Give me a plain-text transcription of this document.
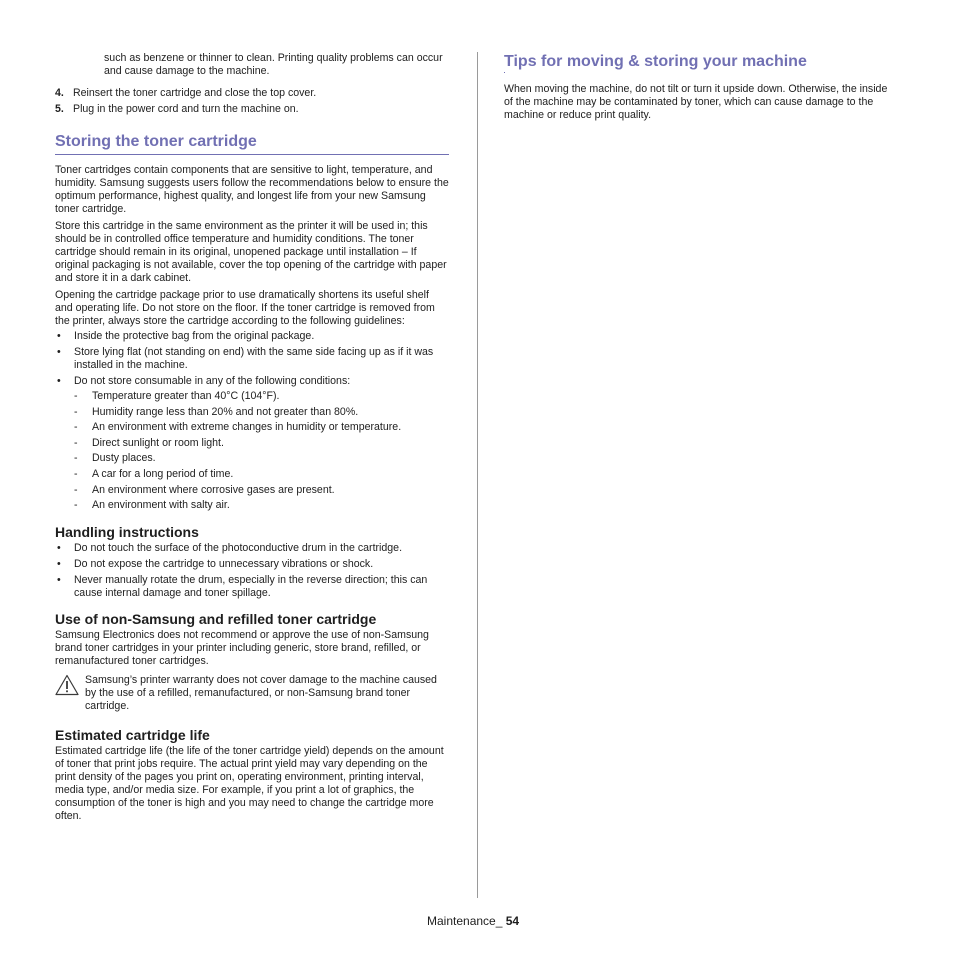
such as benzene or thinner to clean. Printing quality problems can occur and cause damage to the machine.

4. Reinsert the toner cartridge and close the top cover.
5. Plug in the power cord and turn the machine on.
Storing the toner cartridge

Toner cartridges contain components that are sensitive to light, temperature, and humidity. Samsung suggests users follow the recommendations below to ensure the optimum performance, highest quality, and longest life from your new Samsung toner cartridge.

Store this cartridge in the same environment as the printer it will be used in; this should be in controlled office temperature and humidity conditions. The toner cartridge should remain in its original, unopened package until installation – If original packaging is not available, cover the top opening of the cartridge with paper and store it in a dark cabinet.

Opening the cartridge package prior to use dramatically shortens its useful shelf and operating life. Do not store on the floor. If the toner cartridge is removed from the printer, always store the cartridge according to the following guidelines:

•	Inside the protective bag from the original package.
•	Store lying flat (not standing on end) with the same side facing up as if it was installed in the machine.
•	Do not store consumable in any of the following conditions:
-	Temperature greater than 40°C (104°F).
-	Humidity range less than 20% and not greater than 80%.
-	An environment with extreme changes in humidity or temperature.
-	Direct sunlight or room light.
-	Dusty places.
-	A car for a long period of time.
-	An environment where corrosive gases are present.
-	An environment with salty air.
Handling instructions
•	Do not touch the surface of the photoconductive drum in the cartridge.
•	Do not expose the cartridge to unnecessary vibrations or shock.
•	Never manually rotate the drum, especially in the reverse direction; this can cause internal damage and toner spillage.
Use of non-Samsung and refilled toner cartridge

Samsung Electronics does not recommend or approve the use of non-Samsung brand toner cartridges in your printer including generic, store brand, refilled, or remanufactured toner cartridges.

Samsung’s printer warranty does not cover damage to the machine caused by the use of a refilled, remanufactured, or non-Samsung brand toner cartridge.

Estimated cartridge life

Estimated cartridge life (the life of the toner cartridge yield) depends on the amount of toner that print jobs require. The actual print yield may vary depending on the print density of the pages you print on, operating environment, printing interval, media type, and/or media size. For example, if you print a lot of graphics, the consumption of the toner is high and you may need to change the cartridge more often.

Tips for moving & storing your machine

When moving the machine, do not tilt or turn it upside down. Otherwise, the inside of the machine may be contaminated by toner, which can cause damage to the machine or reduce print quality.

Maintenance_ 54
